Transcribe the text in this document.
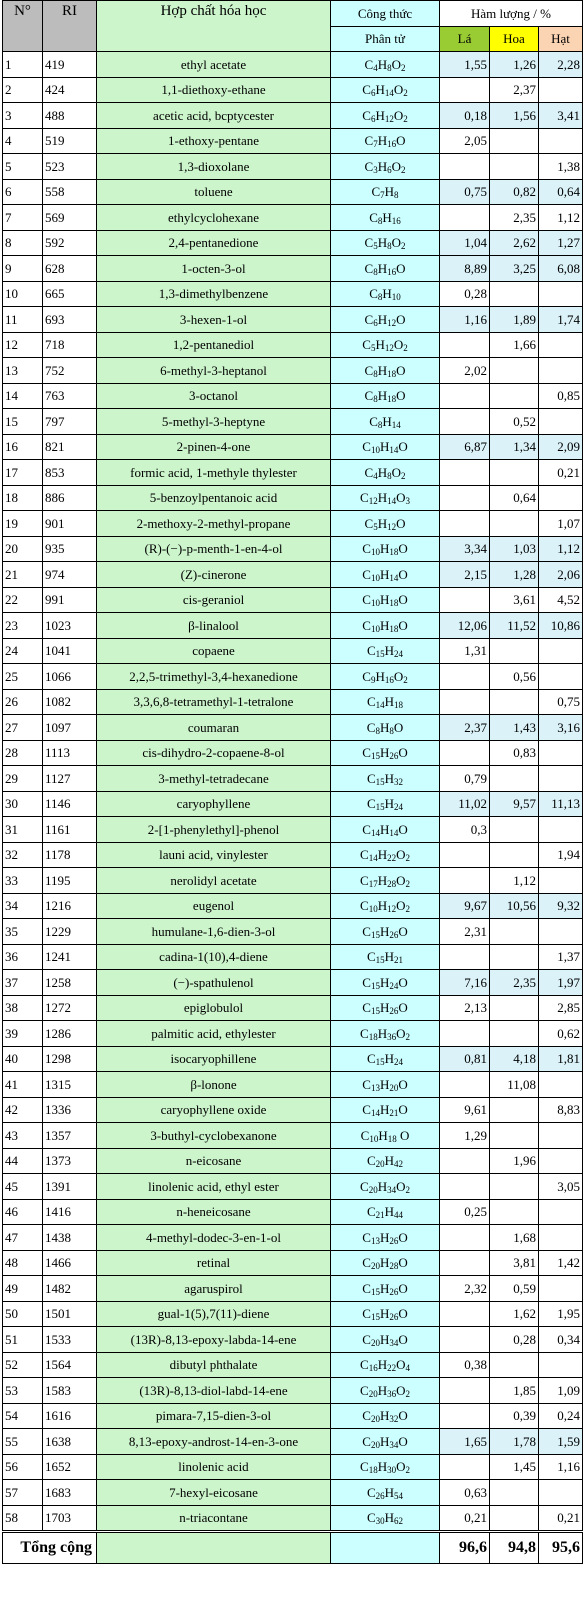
N°	RI	Hợp chất hóa học	Công thức	Hàm lượng / %		
			Phân tử	Lá	Hoa	Hạt
1	419	ethyl acetate	$C_4H_8O_2$	1,55	1,26	2,28
2	424	1,1-diethoxy-ethane	$C_6H_{14}O_2$		2,37	
3	488	acetic acid, bcptycester	$C_6H_{12}O_2$	0,18	1,56	3,41
4	519	1-ethoxy-pentane	$C_7H_{16}O$	2,05		
5	523	1,3-dioxolane	$C_3H_6O_2$			1,38
6	558	toluene	$C_7H_8$	0,75	0,82	0,64
7	569	ethylcyclohexane	$C_8H_{16}$		2,35	1,12
8	592	2,4-pentanedione	$C_5H_8O_2$	1,04	2,62	1,27
9	628	1-octen-3-ol	$C_8H_{16}O$	8,89	3,25	6,08
10	665	1,3-dimethylbenzene	$C_8H_{10}$	0,28		
11	693	3-hexen-1-ol	$C_6H_{12}O$	1,16	1,89	1,74
12	718	1,2-pentanediol	$C_5H_{12}O_2$		1,66	
13	752	6-methyl-3-heptanol	$C_8H_{18}O$	2,02		
14	763	3-octanol	$C_8H_{18}O$			0,85
15	797	5-methyl-3-heptyne	$C_8H_{14}$		0,52	
16	821	2-pinen-4-one	$C_{10}H_{14}O$	6,87	1,34	2,09
17	853	formic acid, 1-methyle thylester	$C_4H_8O_2$			0,21
18	886	5-benzoylpentanoic acid	$C_{12}H_{14}O_3$		0,64	
19	901	2-methoxy-2-methyl-propane	$C_5H_{12}O$			1,07
20	935	(R)-(−)-p-menth-1-en-4-ol	$C_{10}H_{18}O$	3,34	1,03	1,12
21	974	(Z)-cinerone	$C_{10}H_{14}O$	2,15	1,28	2,06
22	991	cis-geraniol	$C_{10}H_{18}O$		3,61	4,52
23	1023	β-linalool	$C_{10}H_{18}O$	12,06	11,52	10,86
24	1041	copaene	$C_{15}H_{24}$	1,31		
25	1066	2,2,5-trimethyl-3,4-hexanedione	$C_9H_{16}O_2$		0,56	
26	1082	3,3,6,8-tetramethyl-1-tetralone	$C_{14}H_{18}$			0,75
27	1097	coumaran	$C_8H_8O$	2,37	1,43	3,16
28	1113	cis-dihydro-2-copaene-8-ol	$C_{15}H_{26}O$		0,83	
29	1127	3-methyl-tetradecane	$C_{15}H_{32}$	0,79		
30	1146	caryophyllene	$C_{15}H_{24}$	11,02	9,57	11,13
31	1161	2-[1-phenylethyl]-phenol	$C_{14}H_{14}O$	0,3		
32	1178	launi acid, vinylester	$C_{14}H_{22}O_2$			1,94
33	1195	nerolidyl acetate	$C_{17}H_{28}O_2$		1,12	
34	1216	eugenol	$C_{10}H_{12}O_2$	9,67	10,56	9,32
35	1229	humulane-1,6-dien-3-ol	$C_{15}H_{26}O$	2,31		
36	1241	cadina-1(10),4-diene	$C_{15}H_{21}$			1,37
37	1258	(−)-spathulenol	$C_{15}H_{24}O$	7,16	2,35	1,97
38	1272	epiglobulol	$C_{15}H_{26}O$	2,13		2,85
39	1286	palmitic acid, ethylester	$C_{18}H_{36}O_2$			0,62
40	1298	isocaryophillene	$C_{15}H_{24}$	0,81	4,18	1,81
41	1315	β-lonone	$C_{13}H_{20}O$		11,08	
42	1336	caryophyllene oxide	$C_{14}H_{21}O$	9,61		8,83
43	1357	3-buthyl-cyclobexanone	$C_{10}H_{18}$ O	1,29		
44	1373	n-eicosane	$C_{20}H_{42}$		1,96	
45	1391	linolenic acid, ethyl ester	$C_{20}H_{34}O_2$			3,05
46	1416	n-heneicosane	$C_{21}H_{44}$	0,25		
47	1438	4-methyl-dodec-3-en-1-ol	$C_{13}H_{26}O$		1,68	
48	1466	retinal	$C_{20}H_{28}O$		3,81	1,42
49	1482	agaruspirol	$C_{15}H_{26}O$	2,32	0,59	
50	1501	gual-1(5),7(11)-diene	$C_{15}H_{26}O$		1,62	1,95
51	1533	(13R)-8,13-epoxy-labda-14-ene	$C_{20}H_{34}O$		0,28	0,34
52	1564	dibutyl phthalate	$C_{16}H_{22}O_4$	0,38		
53	1583	(13R)-8,13-diol-labd-14-ene	$C_{20}H_{36}O_2$		1,85	1,09
54	1616	pimara-7,15-dien-3-ol	$C_{20}H_{32}O$		0,39	0,24
55	1638	8,13-epoxy-androst-14-en-3-one	$C_{20}H_{34}O$	1,65	1,78	1,59
56	1652	linolenic acid	$C_{18}H_{30}O_2$		1,45	1,16
57	1683	7-hexyl-eicosane	$C_{26}H_{54}$	0,63		
58	1703	n-triacontane	$C_{30}H_{62}$	0,21		0,21
Tổng cộng				96,6	94,8	95,6
